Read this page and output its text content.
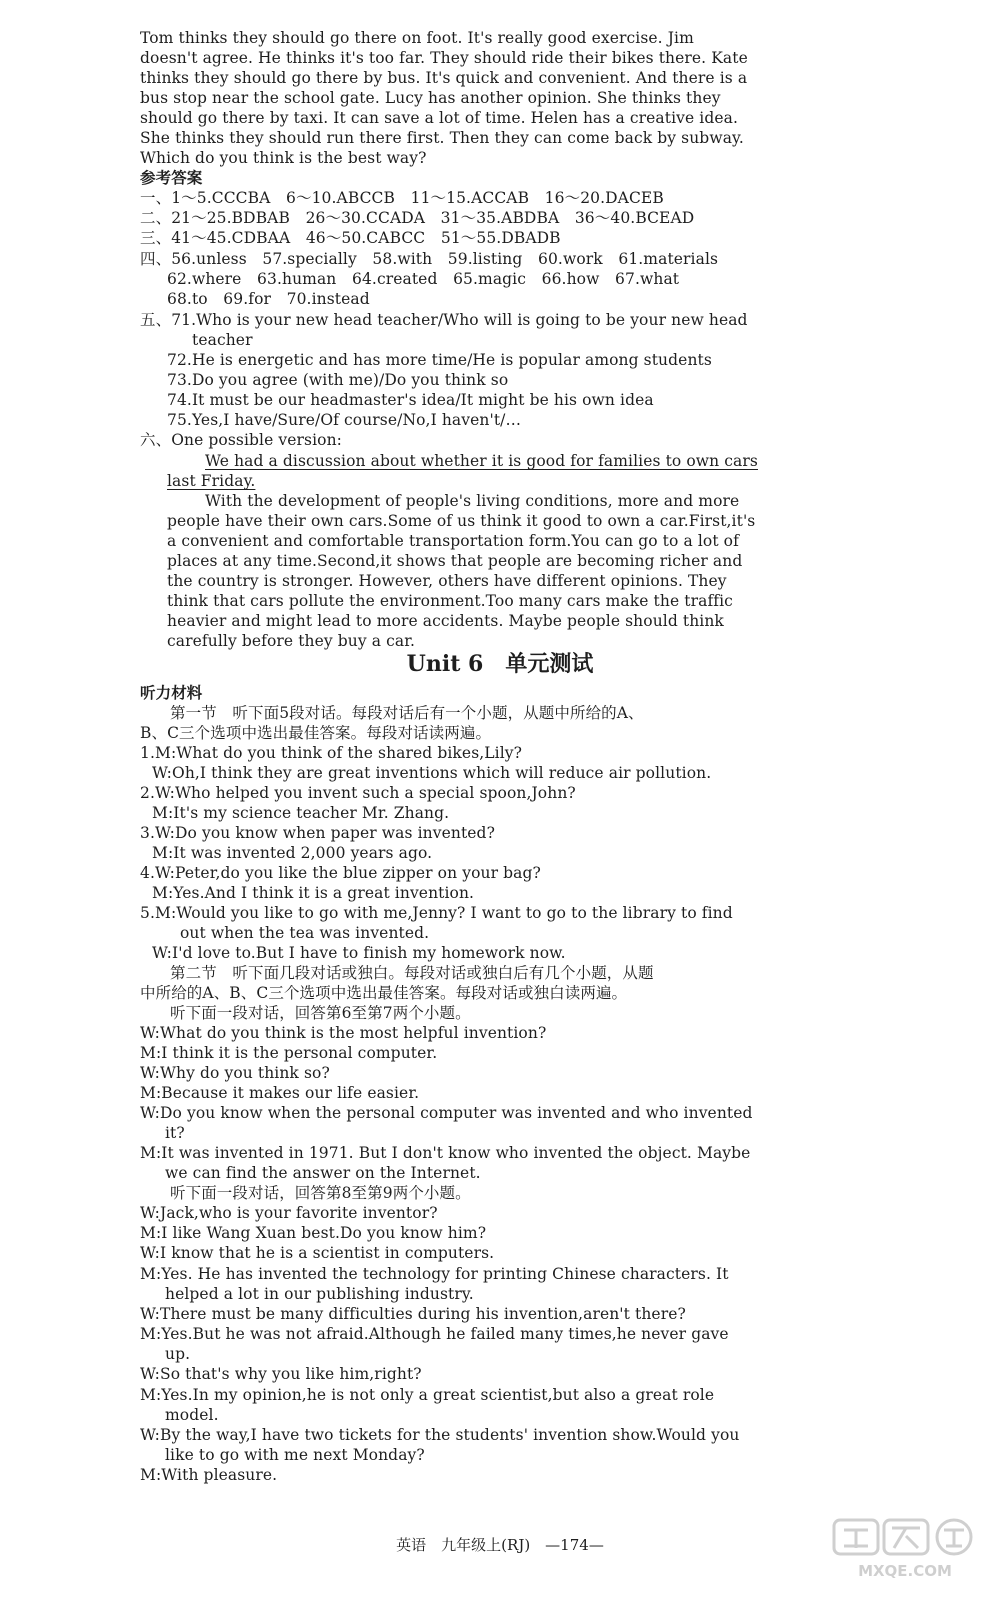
Tom thinks they should go there on foot. It's really good exercise. Jim
doesn't agree. He thinks it's too far. They should ride their bikes there. Kate
thinks they should go there by bus. It's quick and convenient. And there is a
bus stop near the school gate. Lucy has another opinion. She thinks they
should go there by taxi. It can save a lot of time. Helen has a creative idea.
She thinks they should run there first. Then they can come back by subway.
Which do you think is the best way?
参考答案
一、1～5.CCCBA　6～10.ABCCB　11～15.ACCAB　16～20.DACEB
二、21～25.BDBAB　26～30.CCADA　31～35.ABDBA　36～40.BCEAD
三、41～45.CDBAA　46～50.CABCC　51～55.DBADB
四、56.unless　57.specially　58.with　59.listing　60.work　61.materials
62.where　63.human　64.created　65.magic　66.how　67.what
68.to　69.for　70.instead
五、71.Who is your new head teacher/Who will is going to be your new head
teacher
72.He is energetic and has more time/He is popular among students
73.Do you agree (with me)/Do you think so
74.It must be our headmaster's idea/It might be his own idea
75.Yes,I have/Sure/Of course/No,I haven't/…
六、One possible version:
We had a discussion about whether it is good for families to own cars
last Friday.
With the development of people's living conditions, more and more
people have their own cars.Some of us think it good to own a car.First,it's
a convenient and comfortable transportation form.You can go to a lot of
places at any time.Second,it shows that people are becoming richer and
the country is stronger. However, others have different opinions. They
think that cars pollute the environment.Too many cars make the traffic
heavier and might lead to more accidents. Maybe people should think
carefully before they buy a car.
Unit 6　单元测试
听力材料
第一节　听下面5段对话。每段对话后有一个小题，从题中所给的A、
B、C三个选项中选出最佳答案。每段对话读两遍。
1.M:What do you think of the shared bikes,Lily?
W:Oh,I think they are great inventions which will reduce air pollution.
2.W:Who helped you invent such a special spoon,John?
M:It's my science teacher Mr. Zhang.
3.W:Do you know when paper was invented?
M:It was invented 2,000 years ago.
4.W:Peter,do you like the blue zipper on your bag?
M:Yes.And I think it is a great invention.
5.M:Would you like to go with me,Jenny? I want to go to the library to find
out when the tea was invented.
W:I'd love to.But I have to finish my homework now.
第二节　听下面几段对话或独白。每段对话或独白后有几个小题，从题
中所给的A、B、C三个选项中选出最佳答案。每段对话或独白读两遍。
听下面一段对话，回答第6至第7两个小题。
W:What do you think is the most helpful invention?
M:I think it is the personal computer.
W:Why do you think so?
M:Because it makes our life easier.
W:Do you know when the personal computer was invented and who invented
it?
M:It was invented in 1971. But I don't know who invented the object. Maybe
we can find the answer on the Internet.
听下面一段对话，回答第8至第9两个小题。
W:Jack,who is your favorite inventor?
M:I like Wang Xuan best.Do you know him?
W:I know that he is a scientist in computers.
M:Yes. He has invented the technology for printing Chinese characters. It
helped a lot in our publishing industry.
W:There must be many difficulties during his invention,aren't there?
M:Yes.But he was not afraid.Although he failed many times,he never gave
up.
W:So that's why you like him,right?
M:Yes.In my opinion,he is not only a great scientist,but also a great role
model.
W:By the way,I have two tickets for the students' invention show.Would you
like to go with me next Monday?
M:With pleasure.
英语　九年级上(RJ)　—174—
MXQE.COM
